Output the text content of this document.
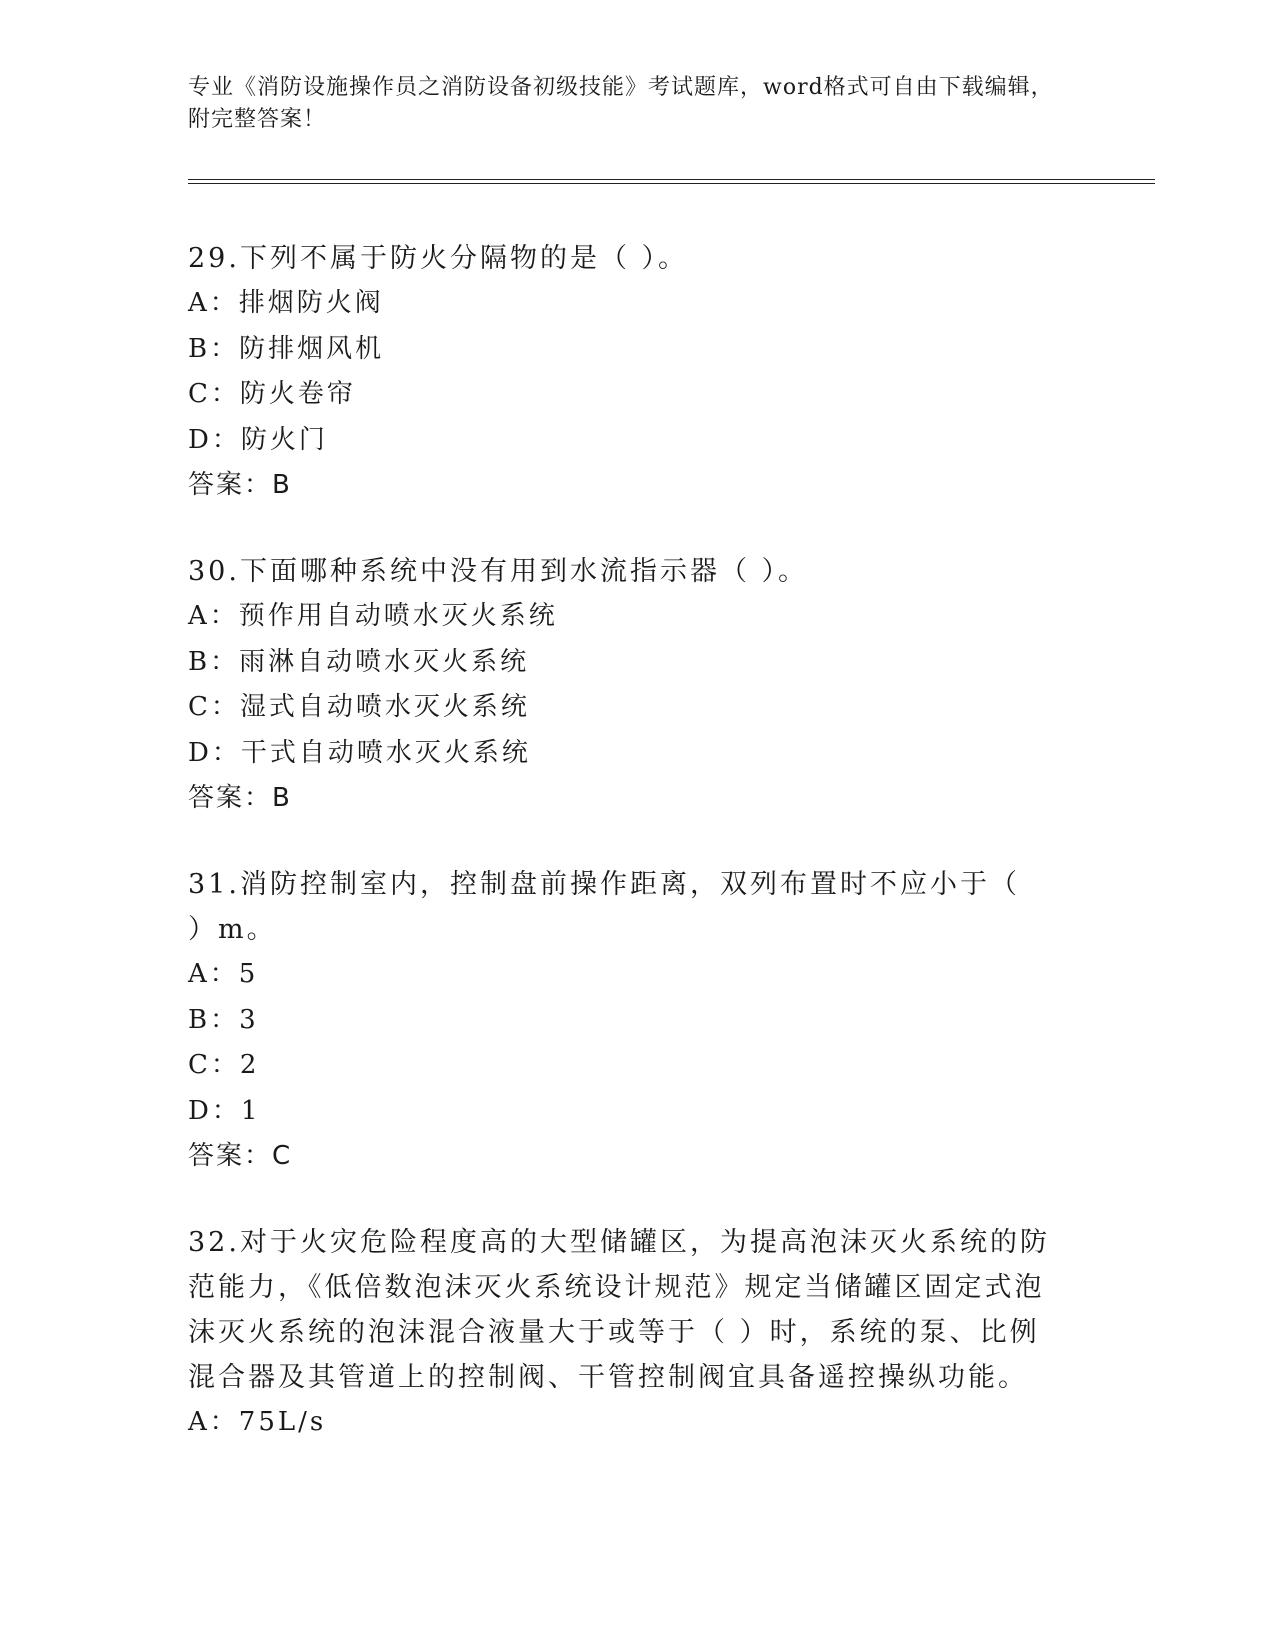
专业《消防设施操作员之消防设备初级技能》考试题库，word格式可自由下载编辑，附完整答案！

29.下列不属于防火分隔物的是（ ）。

A：排烟防火阀

B：防排烟风机

C：防火卷帘

D：防火门

答案：B

30.下面哪种系统中没有用到水流指示器（ ）。

A：预作用自动喷水灭火系统

B：雨淋自动喷水灭火系统

C：湿式自动喷水灭火系统

D：干式自动喷水灭火系统

答案：B

31.消防控制室内，控制盘前操作距离，双列布置时不应小于（ ）m。

A：5

B：3

C：2

D：1

答案：C

32.对于火灾危险程度高的大型储罐区，为提高泡沫灭火系统的防范能力，《低倍数泡沫灭火系统设计规范》规定当储罐区固定式泡沫灭火系统的泡沫混合液量大于或等于（ ）时，系统的泵、比例混合器及其管道上的控制阀、干管控制阀宜具备遥控操纵功能。

A：75L/s
